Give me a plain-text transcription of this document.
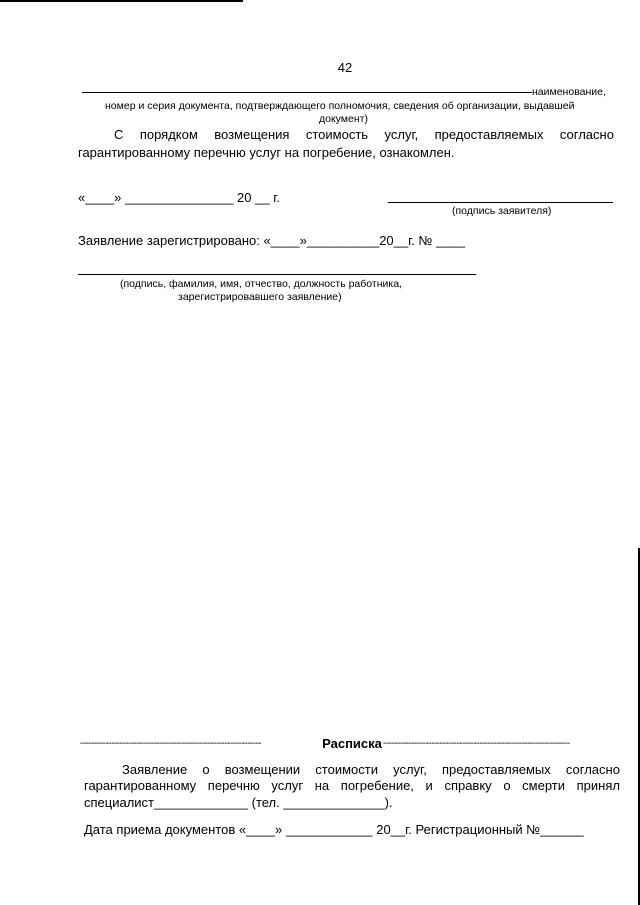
42
наименование,
номер и серия документа, подтверждающего полномочия, сведения об организации, выдавшей
документ)
С порядком возмещения стоимость услуг, предоставляемых согласно
гарантированному перечню услуг на погребение, ознакомлен.
«____» _______________ 20 __ г.
(подпись заявителя)
Заявление зарегистрировано: «____»__________20__г. № ____
(подпись, фамилия, имя, отчество, должность работника,
зарегистрировавшего заявление)
----------------------------------------------------------------	Расписка ------------------------------------------------------------------
Заявление о возмещении стоимости услуг, предоставляемых согласно
гарантированному перечню услуг на погребение, и справку о смерти принял
специалист_____________ (тел. ______________).
Дата приема документов «____» ____________ 20__г. Регистрационный №______
